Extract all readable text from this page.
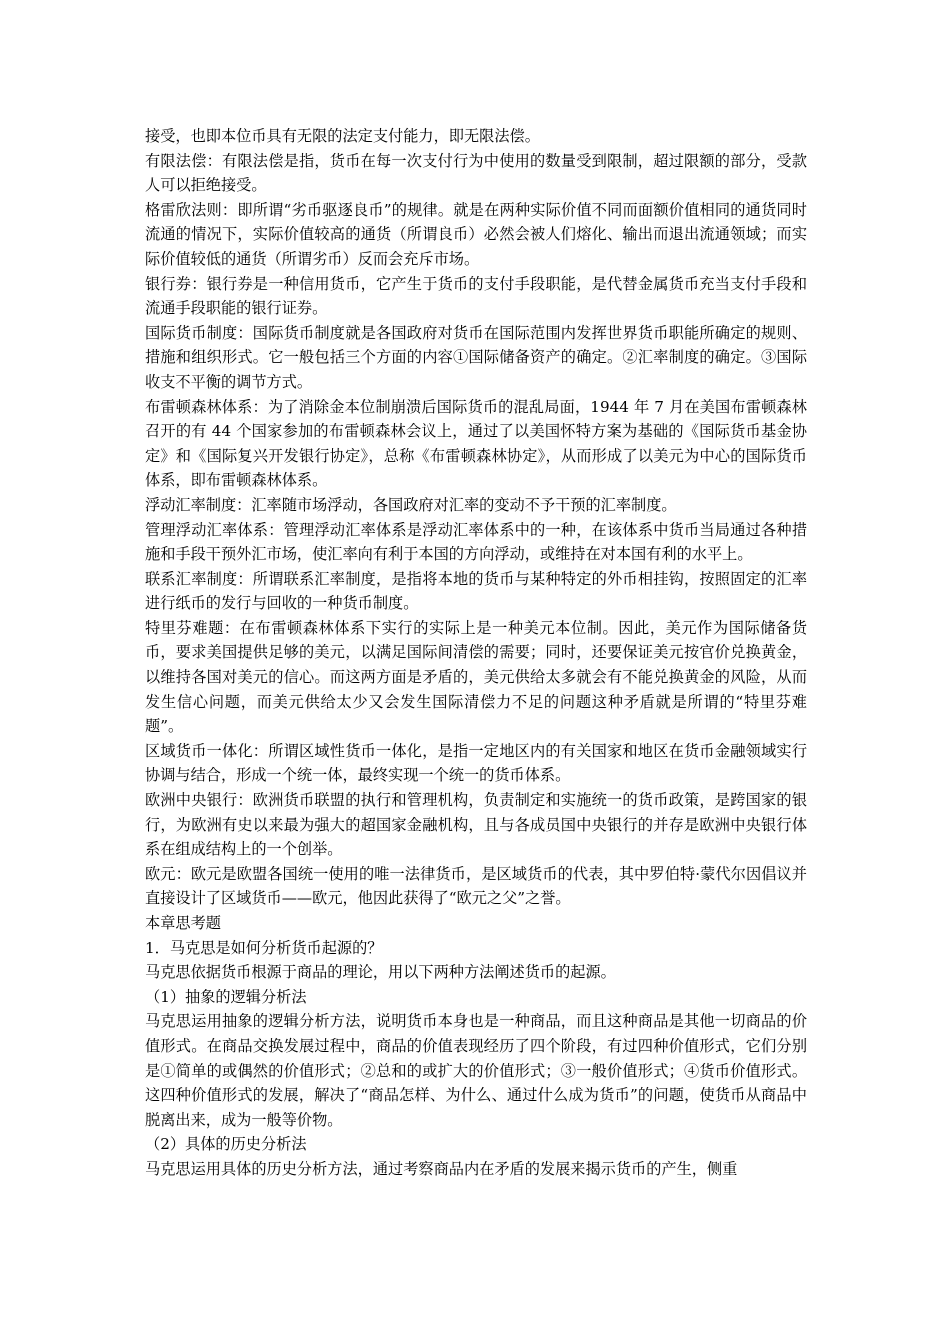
接受，也即本位币具有无限的法定支付能力，即无限法偿。

有限法偿：有限法偿是指，货币在每一次支付行为中使用的数量受到限制，超过限额的部分，受款人可以拒绝接受。

格雷欣法则：即所谓“劣币驱逐良币”的规律。就是在两种实际价值不同而面额价值相同的通货同时流通的情况下，实际价值较高的通货（所谓良币）必然会被人们熔化、输出而退出流通领域；而实际价值较低的通货（所谓劣币）反而会充斥市场。

银行券：银行券是一种信用货币，它产生于货币的支付手段职能，是代替金属货币充当支付手段和流通手段职能的银行证券。

国际货币制度：国际货币制度就是各国政府对货币在国际范围内发挥世界货币职能所确定的规则、措施和组织形式。它一般包括三个方面的内容①国际储备资产的确定。②汇率制度的确定。③国际收支不平衡的调节方式。

布雷顿森林体系：为了消除金本位制崩溃后国际货币的混乱局面，1944 年 7 月在美国布雷顿森林召开的有 44 个国家参加的布雷顿森林会议上，通过了以美国怀特方案为基础的《国际货币基金协定》和《国际复兴开发银行协定》，总称《布雷顿森林协定》，从而形成了以美元为中心的国际货币体系，即布雷顿森林体系。

浮动汇率制度：汇率随市场浮动，各国政府对汇率的变动不予干预的汇率制度。

管理浮动汇率体系：管理浮动汇率体系是浮动汇率体系中的一种，在该体系中货币当局通过各种措施和手段干预外汇市场，使汇率向有利于本国的方向浮动，或维持在对本国有利的水平上。

联系汇率制度：所谓联系汇率制度，是指将本地的货币与某种特定的外币相挂钩，按照固定的汇率进行纸币的发行与回收的一种货币制度。

特里芬难题：在布雷顿森林体系下实行的实际上是一种美元本位制。因此，美元作为国际储备货币，要求美国提供足够的美元，以满足国际间清偿的需要；同时，还要保证美元按官价兑换黄金，以维持各国对美元的信心。而这两方面是矛盾的，美元供给太多就会有不能兑换黄金的风险，从而发生信心问题，而美元供给太少又会发生国际清偿力不足的问题这种矛盾就是所谓的“特里芬难题”。

区域货币一体化：所谓区域性货币一体化，是指一定地区内的有关国家和地区在货币金融领域实行协调与结合，形成一个统一体，最终实现一个统一的货币体系。

欧洲中央银行：欧洲货币联盟的执行和管理机构，负责制定和实施统一的货币政策，是跨国家的银行，为欧洲有史以来最为强大的超国家金融机构，且与各成员国中央银行的并存是欧洲中央银行体系在组成结构上的一个创举。

欧元：欧元是欧盟各国统一使用的唯一法律货币，是区域货币的代表，其中罗伯特·蒙代尔因倡议并直接设计了区域货币——欧元，他因此获得了“欧元之父”之誉。

本章思考题

1．马克思是如何分析货币起源的？

马克思依据货币根源于商品的理论，用以下两种方法阐述货币的起源。

（1）抽象的逻辑分析法

马克思运用抽象的逻辑分析方法，说明货币本身也是一种商品，而且这种商品是其他一切商品的价值形式。在商品交换发展过程中，商品的价值表现经历了四个阶段，有过四种价值形式，它们分别是①简单的或偶然的价值形式；②总和的或扩大的价值形式；③一般价值形式；④货币价值形式。这四种价值形式的发展，解决了“商品怎样、为什么、通过什么成为货币”的问题，使货币从商品中脱离出来，成为一般等价物。

（2）具体的历史分析法

马克思运用具体的历史分析方法，通过考察商品内在矛盾的发展来揭示货币的产生，侧重
